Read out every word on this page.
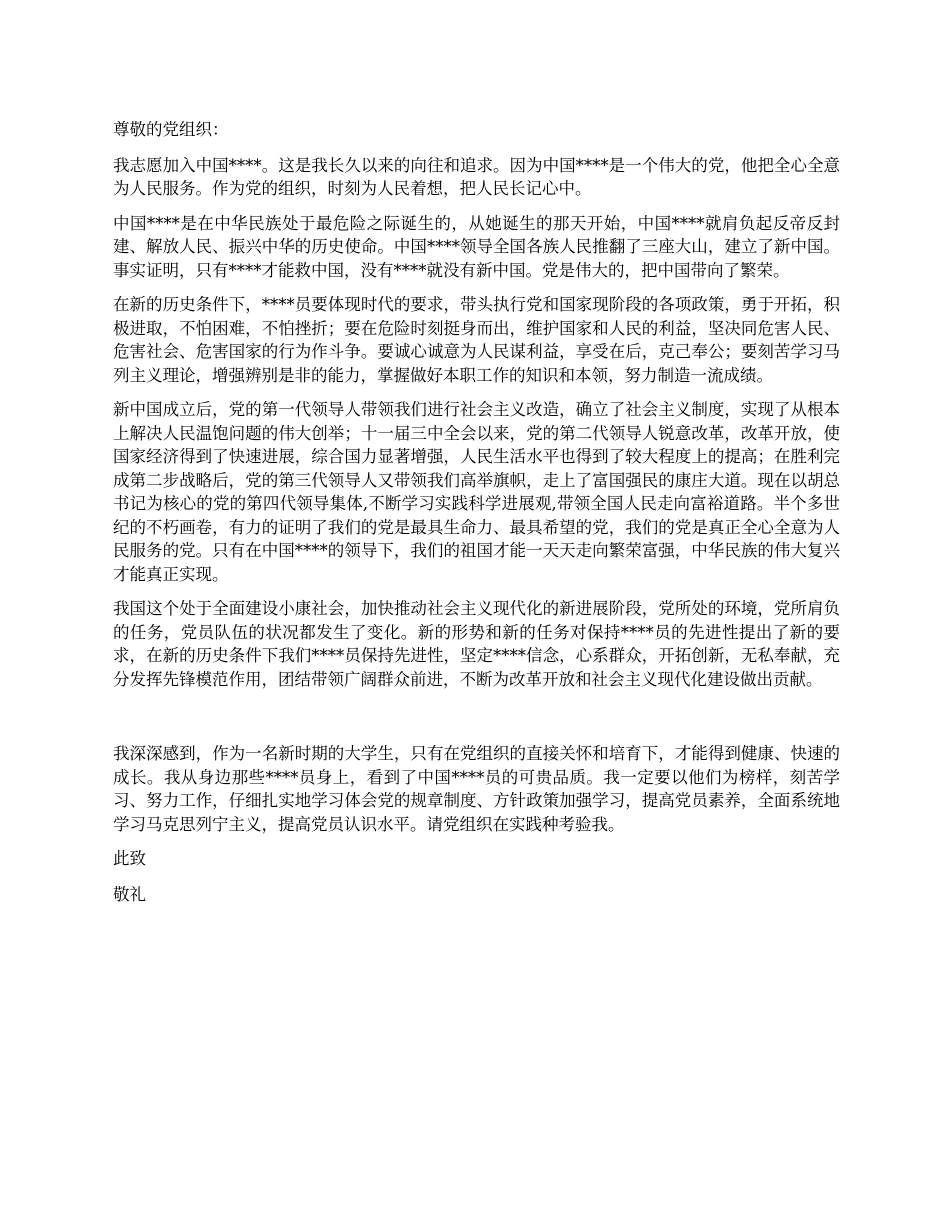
尊敬的党组织：

我志愿加入中国****。这是我长久以来的向往和追求。因为中国****是一个伟大的党，他把全心全意为人民服务。作为党的组织，时刻为人民着想，把人民长记心中。

中国****是在中华民族处于最危险之际诞生的，从她诞生的那天开始，中国****就肩负起反帝反封建、解放人民、振兴中华的历史使命。中国****领导全国各族人民推翻了三座大山，建立了新中国。事实证明，只有****才能救中国，没有****就没有新中国。党是伟大的，把中国带向了繁荣。

在新的历史条件下，****员要体现时代的要求，带头执行党和国家现阶段的各项政策，勇于开拓，积极进取，不怕困难，不怕挫折；要在危险时刻挺身而出，维护国家和人民的利益，坚决同危害人民、危害社会、危害国家的行为作斗争。要诚心诚意为人民谋利益，享受在后，克己奉公；要刻苦学习马列主义理论，增强辨别是非的能力，掌握做好本职工作的知识和本领，努力制造一流成绩。

新中国成立后，党的第一代领导人带领我们进行社会主义改造，确立了社会主义制度，实现了从根本上解决人民温饱问题的伟大创举；十一届三中全会以来，党的第二代领导人锐意改革，改革开放，使国家经济得到了快速进展，综合国力显著增强，人民生活水平也得到了较大程度上的提高；在胜利完成第二步战略后，党的第三代领导人又带领我们高举旗帜，走上了富国强民的康庄大道。现在以胡总书记为核心的党的第四代领导集体,不断学习实践科学进展观,带领全国人民走向富裕道路。半个多世纪的不朽画卷，有力的证明了我们的党是最具生命力、最具希望的党，我们的党是真正全心全意为人民服务的党。只有在中国****的领导下，我们的祖国才能一天天走向繁荣富强，中华民族的伟大复兴才能真正实现。

我国这个处于全面建设小康社会，加快推动社会主义现代化的新进展阶段，党所处的环境，党所肩负的任务，党员队伍的状况都发生了变化。新的形势和新的任务对保持****员的先进性提出了新的要求，在新的历史条件下我们****员保持先进性，坚定****信念，心系群众，开拓创新，无私奉献，充分发挥先锋模范作用，团结带领广阔群众前进，不断为改革开放和社会主义现代化建设做出贡献。

我深深感到，作为一名新时期的大学生，只有在党组织的直接关怀和培育下，才能得到健康、快速的成长。我从身边那些****员身上，看到了中国****员的可贵品质。我一定要以他们为榜样，刻苦学习、努力工作，仔细扎实地学习体会党的规章制度、方针政策加强学习，提高党员素养，全面系统地学习马克思列宁主义，提高党员认识水平。请党组织在实践种考验我。

此致

敬礼
